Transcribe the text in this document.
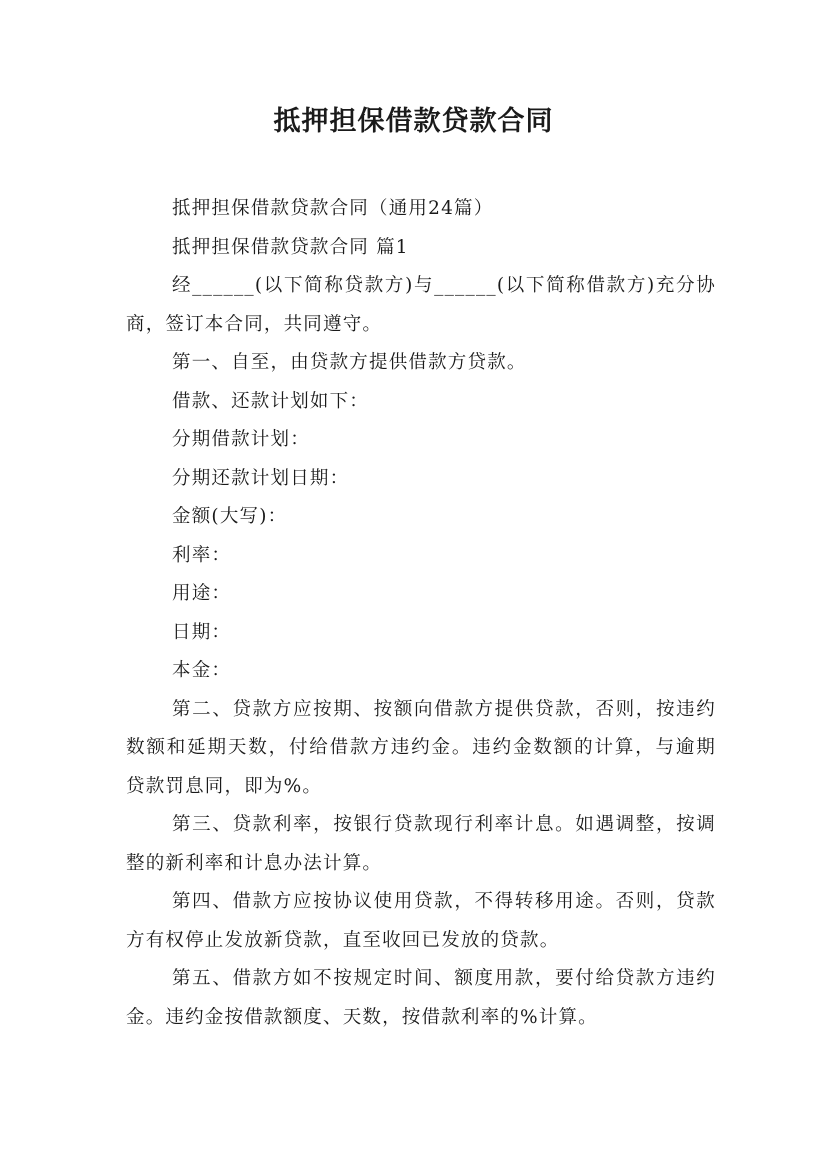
抵押担保借款贷款合同

抵押担保借款贷款合同（通用24篇）

抵押担保借款贷款合同 篇1

经______(以下简称贷款方)与______(以下简称借款方)充分协商，签订本合同，共同遵守。

第一、自至，由贷款方提供借款方贷款。

借款、还款计划如下：

分期借款计划：

分期还款计划日期：

金额(大写)：

利率：

用途：

日期：

本金：

第二、贷款方应按期、按额向借款方提供贷款，否则，按违约数额和延期天数，付给借款方违约金。违约金数额的计算，与逾期贷款罚息同，即为%。

第三、贷款利率，按银行贷款现行利率计息。如遇调整，按调整的新利率和计息办法计算。

第四、借款方应按协议使用贷款，不得转移用途。否则，贷款方有权停止发放新贷款，直至收回已发放的贷款。

第五、借款方如不按规定时间、额度用款，要付给贷款方违约金。违约金按借款额度、天数，按借款利率的%计算。
